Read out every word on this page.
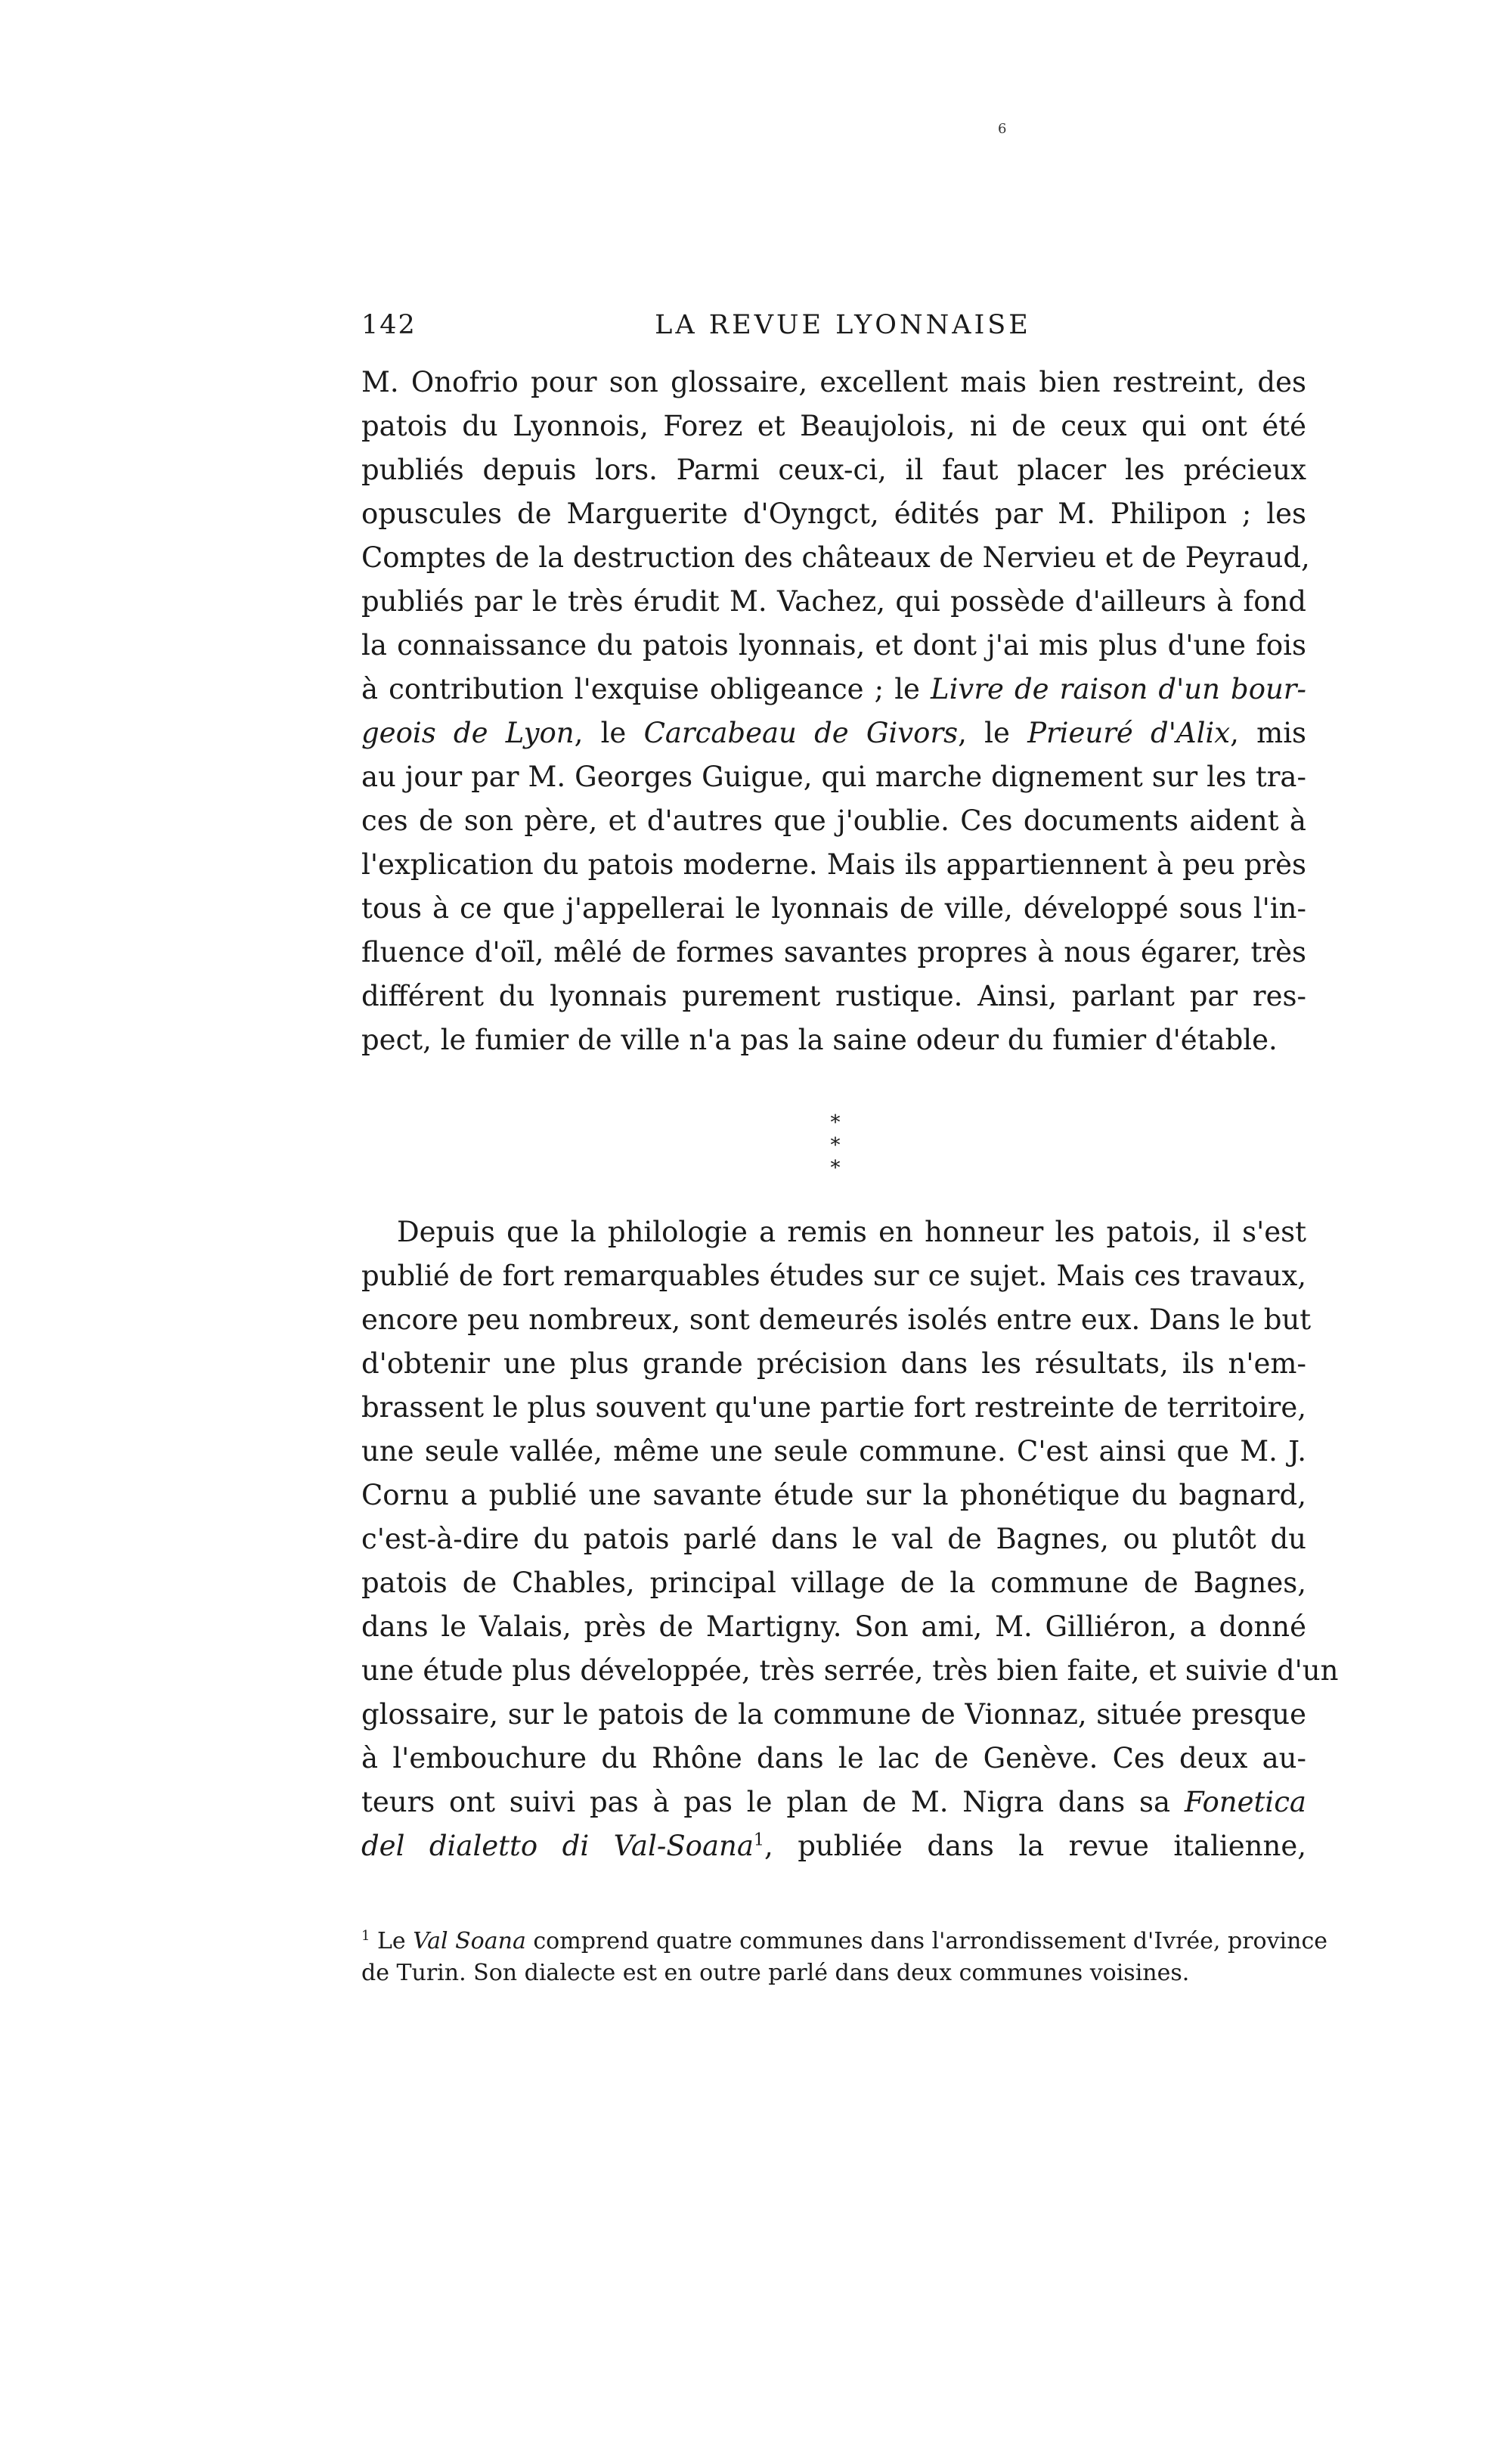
6
142	LA REVUE LYONNAISE
M. Onofrio pour son glossaire, excellent mais bien restreint, des
patois du Lyonnois, Forez et Beaujolois, ni de ceux qui ont été
publiés depuis lors. Parmi ceux-ci, il faut placer les précieux
opuscules de Marguerite d'Oyngct, édités par M. Philipon ; les
Comptes de la destruction des châteaux de Nervieu et de Peyraud,
publiés par le très érudit M. Vachez, qui possède d'ailleurs à fond
la connaissance du patois lyonnais, et dont j'ai mis plus d'une fois
à contribution l'exquise obligeance ; le Livre de raison d'un bour-
geois de Lyon, le Carcabeau de Givors, le Prieuré d'Alix, mis
au jour par M. Georges Guigue, qui marche dignement sur les tra-
ces de son père, et d'autres que j'oublie. Ces documents aident à
l'explication du patois moderne. Mais ils appartiennent à peu près
tous à ce que j'appellerai le lyonnais de ville, développé sous l'in-
fluence d'oïl, mêlé de formes savantes propres à nous égarer, très
différent du lyonnais purement rustique. Ainsi, parlant par res-
pect, le fumier de ville n'a pas la saine odeur du fumier d'étable.
*
* *
Depuis que la philologie a remis en honneur les patois, il s'est
publié de fort remarquables études sur ce sujet. Mais ces travaux,
encore peu nombreux, sont demeurés isolés entre eux. Dans le but
d'obtenir une plus grande précision dans les résultats, ils n'em-
brassent le plus souvent qu'une partie fort restreinte de territoire,
une seule vallée, même une seule commune. C'est ainsi que M. J.
Cornu a publié une savante étude sur la phonétique du bagnard,
c'est-à-dire du patois parlé dans le val de Bagnes, ou plutôt du
patois de Chables, principal village de la commune de Bagnes,
dans le Valais, près de Martigny. Son ami, M. Gilliéron, a donné
une étude plus développée, très serrée, très bien faite, et suivie d'un
glossaire, sur le patois de la commune de Vionnaz, située presque
à l'embouchure du Rhône dans le lac de Genève. Ces deux au-
teurs ont suivi pas à pas le plan de M. Nigra dans sa Fonetica
del dialetto di Val-Soana$^1$, publiée dans la revue italienne,
$^1$ Le Val Soana comprend quatre communes dans l'arrondissement d'Ivrée, province
de Turin. Son dialecte est en outre parlé dans deux communes voisines.
